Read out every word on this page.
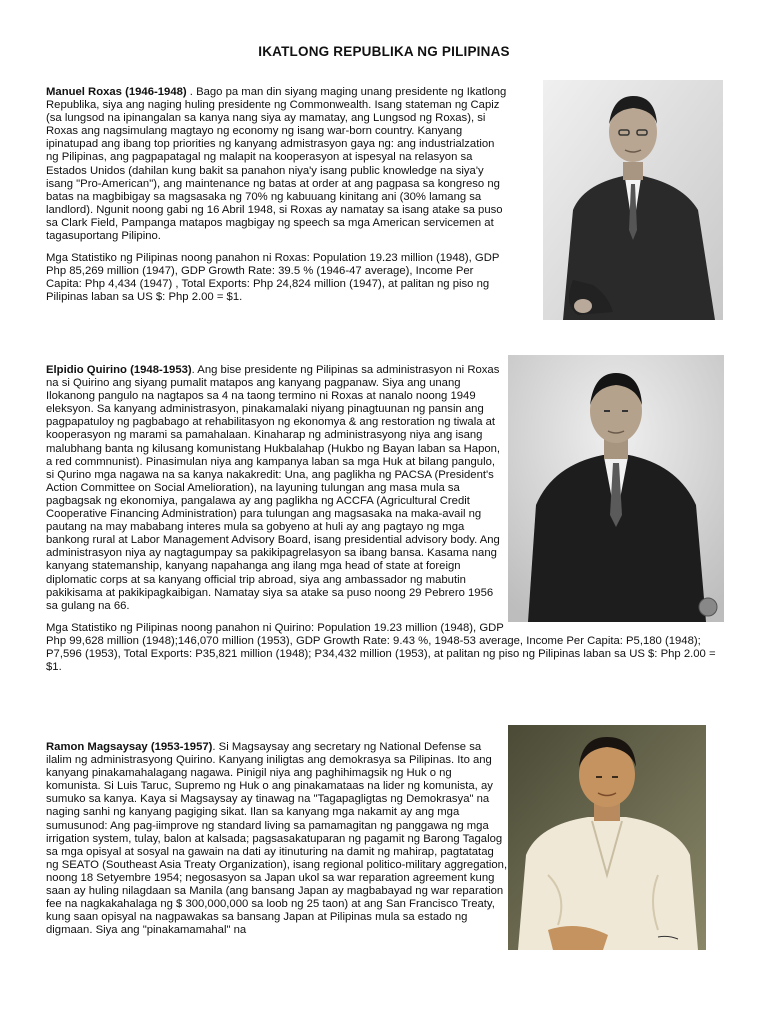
IKATLONG REPUBLIKA NG PILIPINAS

Manuel Roxas (1946-1948) . Bago pa man din siyang maging unang presidente ng Ikatlong Republika, siya ang naging huling presidente ng Commonwealth. Isang stateman ng Capiz (sa lungsod na ipinangalan sa kanya nang siya ay mamatay, ang Lungsod ng Roxas), si Roxas ang nagsimulang magtayo ng economy ng isang war-born country. Kanyang ipinatupad ang ibang top priorities ng kanyang admistrasyon gaya ng: ang industrialzation ng Pilipinas, ang pagpapatagal ng malapit na kooperasyon at ispesyal na relasyon sa Estados Unidos (dahilan kung bakit sa panahon niya'y isang public knowledge na siya'y isang "Pro-American"), ang maintenance ng batas at order at ang pagpasa sa kongreso ng batas na magbibigay sa magsasaka ng 70% ng kabuuang kinitang ani (30% lamang sa landlord). Ngunit noong gabi ng 16 Abril 1948, si Roxas ay namatay sa isang atake sa puso sa Clark Field, Pampanga matapos magbigay ng speech sa mga American servicemen at tagasuportang Pilipino.

Mga Statistiko ng Pilipinas noong panahon ni Roxas: Population 19.23 million (1948), GDP Php 85,269 million (1947), GDP Growth Rate: 39.5 % (1946-47 average), Income Per Capita: Php 4,434 (1947) , Total Exports: Php 24,824 million (1947), at palitan ng piso ng Pilipinas laban sa US $: Php 2.00 = $1.

Elpidio Quirino (1948-1953). Ang bise presidente ng Pilipinas sa administrasyon ni Roxas na si Quirino ang siyang pumalit matapos ang kanyang pagpanaw. Siya ang unang Ilokanong pangulo na nagtapos sa 4 na taong termino ni Roxas at nanalo noong 1949 eleksyon. Sa kanyang administrasyon, pinakamalaki niyang pinagtuunan ng pansin ang pagpapatuloy ng pagbabago at rehabilitasyon ng ekonomya & ang restoration ng tiwala at kooperasyon ng marami sa pamahalaan. Kinaharap ng administrasyong niya ang isang malubhang banta ng kilusang komunistang Hukbalahap (Hukbo ng Bayan laban sa Hapon, a red commnunist). Pinasimulan niya ang kampanya laban sa mga Huk at bilang pangulo, si Qurino mga nagawa na sa kanya nakakredit: Una, ang paglikha ng PACSA (President's Action Committee on Social Amelioration), na layuning tulungan ang masa mula sa pagbagsak ng ekonomiya, pangalawa ay ang paglikha ng ACCFA (Agricultural Credit Cooperative Financing Administration) para tulungan ang magsasaka na maka-avail ng pautang na may mababang interes mula sa gobyeno at huli ay ang pagtayo ng mga bankong rural at Labor Management Advisory Board, isang presidential advisory body. Ang administrasyon niya ay nagtagumpay sa pakikipagrelasyon sa ibang bansa. Kasama nang kanyang statemanship, kanyang napahanga ang ilang mga head of state at foreign diplomatic corps at sa kanyang official trip abroad, siya ang ambassador ng mabutin pakikisama at pakikipagkaibigan. Namatay siya sa atake sa puso noong 29 Pebrero 1956 sa gulang na 66.

Mga Statistiko ng Pilipinas noong panahon ni Quirino: Population 19.23 million (1948), GDP Php 99,628 million (1948);146,070 million (1953), GDP Growth Rate: 9.43 %, 1948-53 average, Income Per Capita: P5,180 (1948); P7,596 (1953), Total Exports: P35,821 million (1948); P34,432 million (1953), at palitan ng piso ng Pilipinas laban sa US $: Php 2.00 = $1.

Ramon Magsaysay (1953-1957). Si Magsaysay ang secretary ng National Defense sa ilalim ng administrasyong Quirino. Kanyang iniligtas ang demokrasya sa Pilipinas. Ito ang kanyang pinakamahalagang nagawa. Pinigil niya ang paghihimagsik ng Huk o ng komunista. Si Luis Taruc, Supremo ng Huk o ang pinakamataas na lider ng komunista, ay sumuko sa kanya. Kaya si Magsaysay ay tinawag na "Tagapagligtas ng Demokrasya" na naging sanhi ng kanyang pagiging sikat. Ilan sa kanyang mga nakamit ay ang mga sumusunod: Ang pag-iimprove ng standard living sa pamamagitan ng panggawa ng mga irrigation system, tulay, balon at kalsada; pagsasakatuparan ng pagamit ng Barong Tagalog sa mga opisyal at sosyal na gawain na dati ay itinuturing na damit ng mahirap, pagtatatag ng SEATO (Southeast Asia Treaty Organization), isang regional politico-military aggregation, noong 18 Setyembre 1954; negosasyon sa Japan ukol sa war reparation agreement kung saan ay huling nilagdaan sa Manila (ang bansang Japan ay magbabayad ng war reparation fee na nagkakahalaga ng $ 300,000,000 sa loob ng 25 taon) at ang San Francisco Treaty, kung saan opisyal na nagpawakas sa bansang Japan at Pilipinas mula sa estado ng digmaan. Siya ang "pinakamamahal" na
